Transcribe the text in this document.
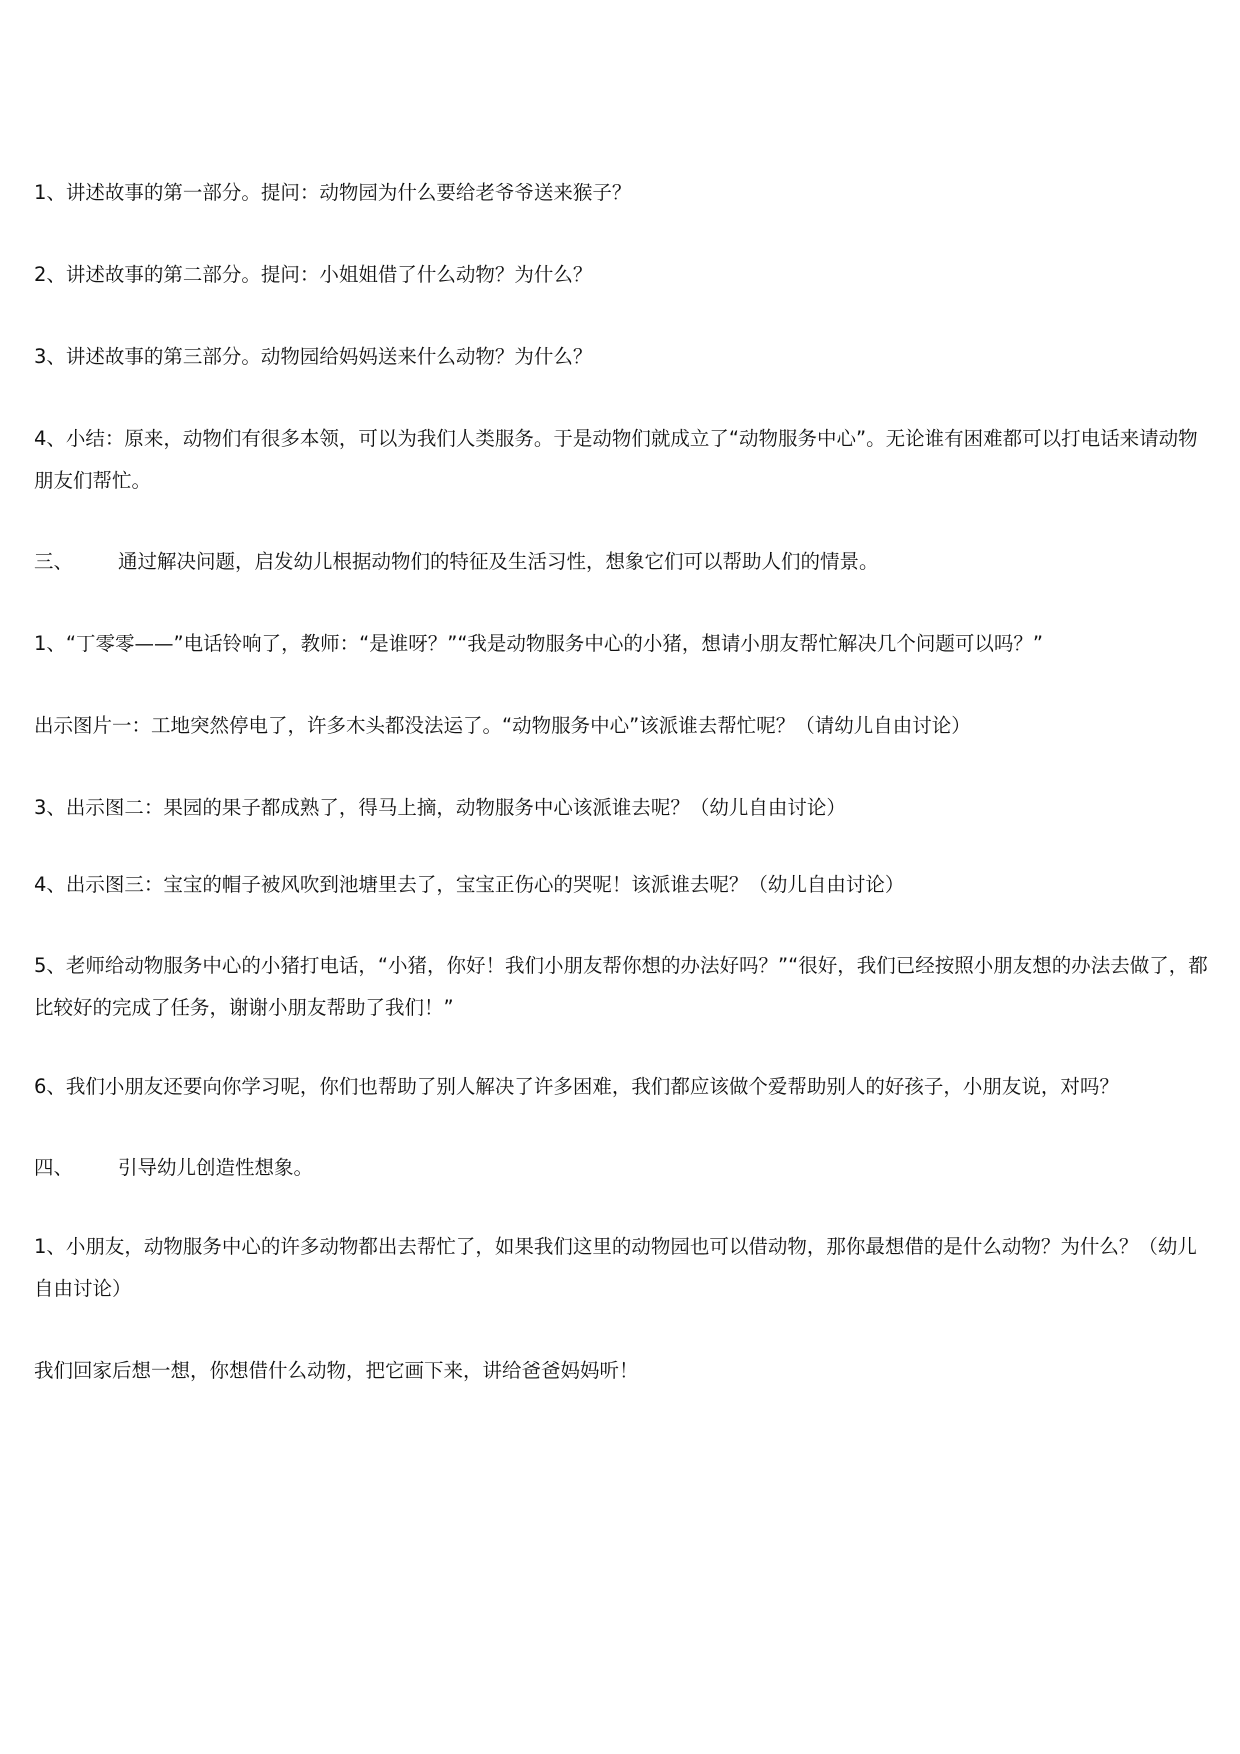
1、讲述故事的第一部分。提问：动物园为什么要给老爷爷送来猴子？
2、讲述故事的第二部分。提问：小姐姐借了什么动物？为什么？
3、讲述故事的第三部分。动物园给妈妈送来什么动物？为什么？
4、小结：原来，动物们有很多本领，可以为我们人类服务。于是动物们就成立了“动物服务中心”。无论谁有困难都可以打电话来请动物朋友们帮忙。
三、 通过解决问题，启发幼儿根据动物们的特征及生活习性，想象它们可以帮助人们的情景。
1、“丁零零——”电话铃响了，教师：“是谁呀？”“我是动物服务中心的小猪，想请小朋友帮忙解决几个问题可以吗？”
出示图片一：工地突然停电了，许多木头都没法运了。“动物服务中心”该派谁去帮忙呢？（请幼儿自由讨论）
3、出示图二：果园的果子都成熟了，得马上摘，动物服务中心该派谁去呢？（幼儿自由讨论）
4、出示图三：宝宝的帽子被风吹到池塘里去了，宝宝正伤心的哭呢！该派谁去呢？（幼儿自由讨论）
5、老师给动物服务中心的小猪打电话，“小猪，你好！我们小朋友帮你想的办法好吗？”“很好，我们已经按照小朋友想的办法去做了，都比较好的完成了任务，谢谢小朋友帮助了我们！”
6、我们小朋友还要向你学习呢，你们也帮助了别人解决了许多困难，我们都应该做个爱帮助别人的好孩子，小朋友说，对吗？
四、 引导幼儿创造性想象。
1、小朋友，动物服务中心的许多动物都出去帮忙了，如果我们这里的动物园也可以借动物，那你最想借的是什么动物？为什么？（幼儿自由讨论）
我们回家后想一想，你想借什么动物，把它画下来，讲给爸爸妈妈听！
